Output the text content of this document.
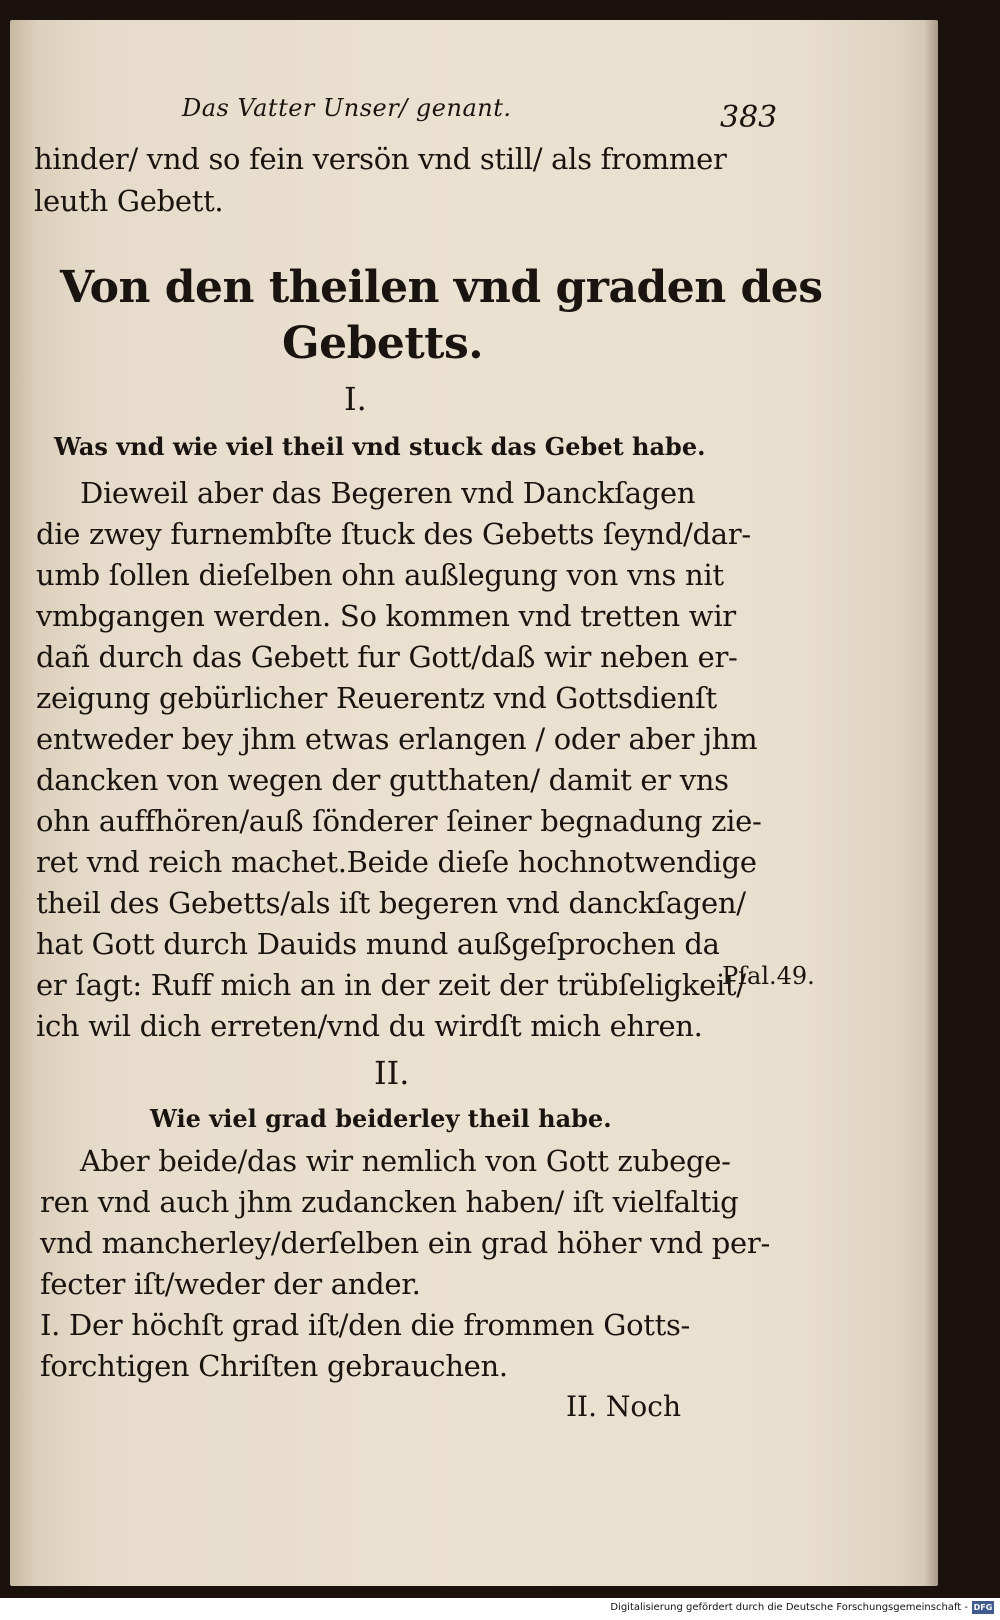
Das Vatter Unser/ genant.	383
hinder/ vnd so fein versön vnd still/ als frommer
leuth Gebett.
Von den theilen vnd graden des
Gebetts.
I.
Was vnd wie viel theil vnd stuck das Gebet habe.
Dieweil aber das Begeren vnd Danckſagen
die zwey furnembſte ſtuck des Gebetts ſeynd/dar-
umb ſollen dieſelben ohn außlegung von vns nit
vmbgangen werden. So kommen vnd tretten wir
dañ durch das Gebett fur Gott/daß wir neben er-
zeigung gebürlicher Reuerentz vnd Gottsdienſt
entweder bey jhm etwas erlangen / oder aber jhm
dancken von wegen der gutthaten/ damit er vns
ohn auffhören/auß ſönderer ſeiner begnadung zie-
ret vnd reich machet.Beide dieſe hochnotwendige
theil des Gebetts/als iſt begeren vnd danckſagen/
hat Gott durch Dauids mund außgeſprochen da
er ſagt: Ruff mich an in der zeit der trübſeligkeit/
ich wil dich erreten/vnd du wirdſt mich ehren.
Pſal.49.
II.
Wie viel grad beiderley theil habe.
Aber beide/das wir nemlich von Gott zubege-
ren vnd auch jhm zudancken haben/ iſt vielfaltig
vnd mancherley/derſelben ein grad höher vnd per-
fecter iſt/weder der ander.
I. Der höchſt grad iſt/den die frommen Gotts-
forchtigen Chriſten gebrauchen.
II. Noch
Digitalisierung gefördert durch die Deutsche Forschungsgemeinschaft - DFG
